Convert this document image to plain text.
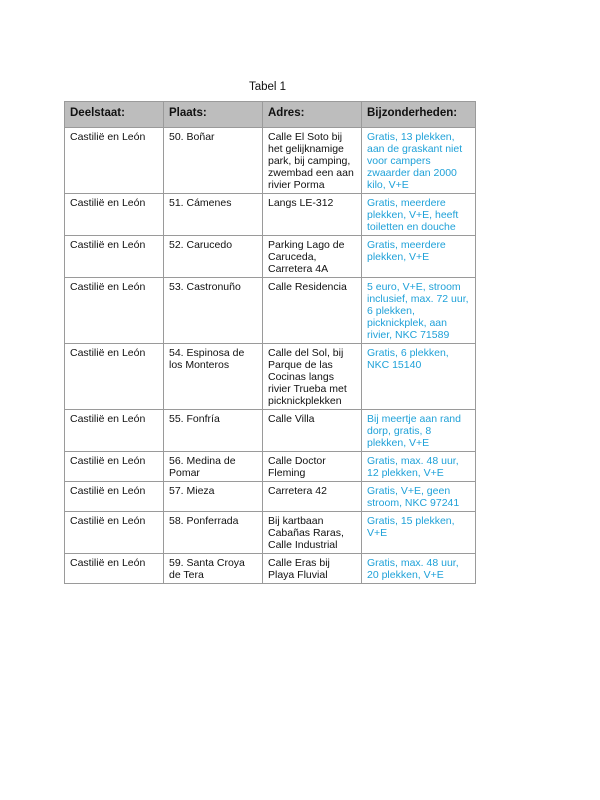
Tabel 1
Deelstaat:	Plaats:	Adres:	Bijzonderheden:
Castilië en León	50. Boñar	Calle El Soto bij het gelijknamige park, bij camping, zwembad een aan rivier Porma	Gratis, 13 plekken, aan de graskant niet voor campers zwaarder dan 2000 kilo, V+E
Castilië en León	51. Cámenes	Langs LE-312	Gratis, meerdere plekken, V+E, heeft toiletten en douche
Castilië en León	52. Carucedo	Parking Lago de Caruceda, Carretera 4A	Gratis, meerdere plekken, V+E
Castilië en León	53. Castronuño	Calle Residencia	5 euro, V+E, stroom inclusief, max. 72 uur, 6 plekken, picknickplek, aan rivier, NKC 71589
Castilië en León	54. Espinosa de los Monteros	Calle del Sol, bij Parque de las Cocinas langs rivier Trueba met picknickplekken	Gratis, 6 plekken, NKC 15140
Castilië en León	55. Fonfría	Calle Villa	Bij meertje aan rand dorp, gratis, 8 plekken, V+E
Castilië en León	56. Medina de Pomar	Calle Doctor Fleming	Gratis, max. 48 uur, 12 plekken, V+E
Castilië en León	57. Mieza	Carretera 42	Gratis, V+E, geen stroom, NKC 97241
Castilië en León	58. Ponferrada	Bij kartbaan Cabañas Raras, Calle Industrial	Gratis, 15 plekken, V+E
Castilië en León	59. Santa Croya de Tera	Calle Eras bij Playa Fluvial	Gratis, max. 48 uur, 20 plekken, V+E
